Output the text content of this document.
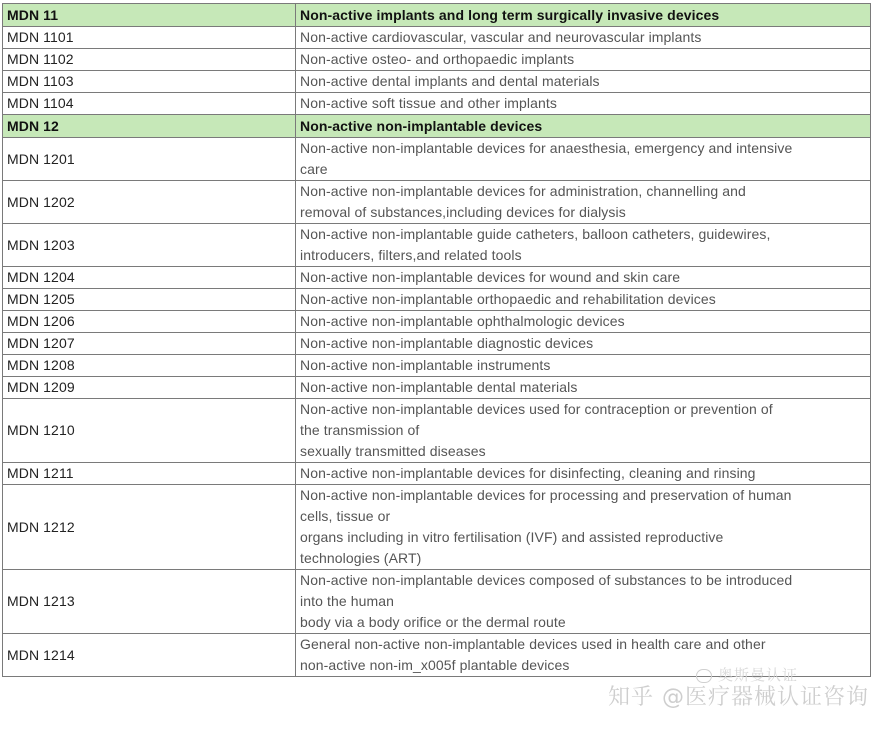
MDN 11	Non-active implants and long term surgically invasive devices

MDN 1101	Non-active cardiovascular, vascular and neurovascular implants

MDN 1102	Non-active osteo- and orthopaedic implants

MDN 1103	Non-active dental implants and dental materials

MDN 1104	Non-active soft tissue and other implants

MDN 12	Non-active non-implantable devices

MDN 1201	Non-active non-implantable devices for anaesthesia, emergency and intensive
care

MDN 1202	Non-active non-implantable devices for administration, channelling and
removal of substances,including devices for dialysis

MDN 1203	Non-active non-implantable guide catheters, balloon catheters, guidewires,
introducers, filters,and related tools

MDN 1204	Non-active non-implantable devices for wound and skin care

MDN 1205	Non-active non-implantable orthopaedic and rehabilitation devices

MDN 1206	Non-active non-implantable ophthalmologic devices

MDN 1207	Non-active non-implantable diagnostic devices

MDN 1208	Non-active non-implantable instruments

MDN 1209	Non-active non-implantable dental materials

MDN 1210	Non-active non-implantable devices used for contraception or prevention of
the transmission of
sexually transmitted diseases

MDN 1211	Non-active non-implantable devices for disinfecting, cleaning and rinsing

MDN 1212	Non-active non-implantable devices for processing and preservation of human
cells, tissue or
organs including in vitro fertilisation (IVF) and assisted reproductive
technologies (ART)

MDN 1213	Non-active non-implantable devices composed of substances to be introduced
into the human
body via a body orifice or the dermal route

MDN 1214	General non-active non-implantable devices used in health care and other
non-active non-im_x005f plantable devices
奥斯曼认证
知乎 @医疗器械认证咨询
